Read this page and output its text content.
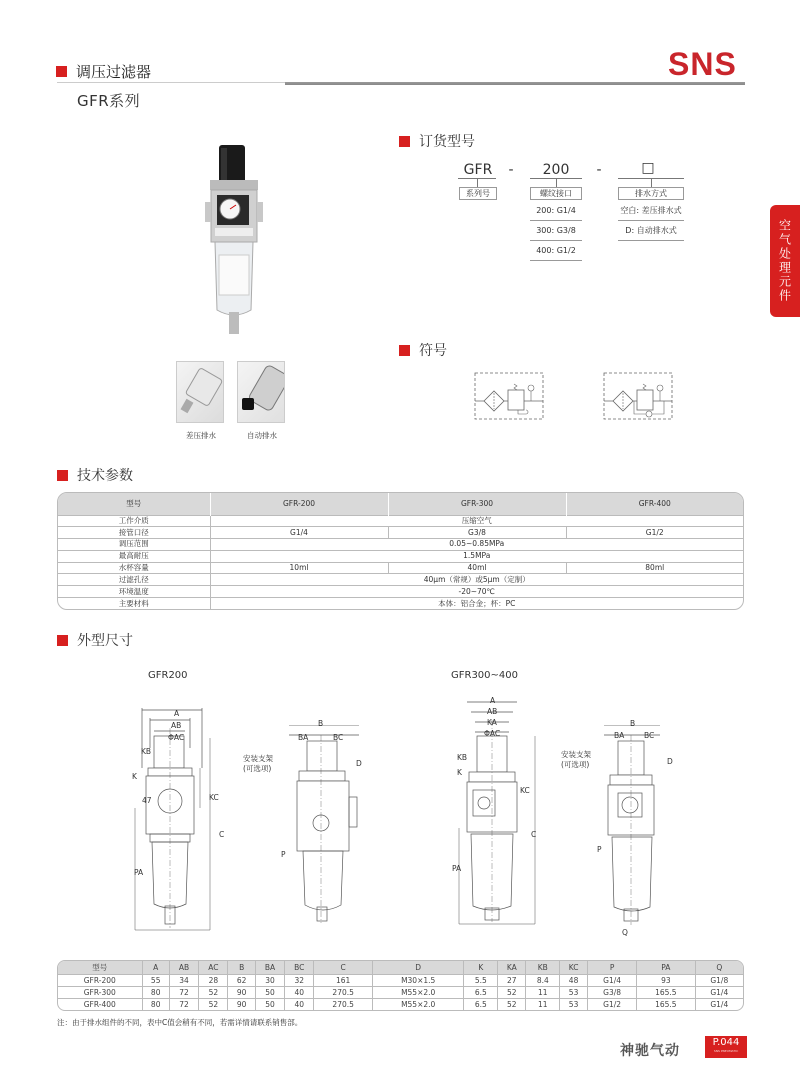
调压过滤器
GFR系列
SNS
空气处理元件
差压排水	自动排水
订货型号
GFR	-	200	-	□
系列号	螺纹接口	排水方式
200: G1/4
300: G3/8
400: G1/2
空白: 差压排水式
D: 自动排水式
符号
技术参数
型号	GFR-200	GFR-300	GFR-400
工作介质	压缩空气		
接管口径	G1/4	G3/8	G1/2
调压范围	0.05~0.85MPa		
最高耐压	1.5MPa		
水杯容量	10ml	40ml	80ml
过滤孔径	40μm（常规）或5μm（定制）		
环境温度	-20~70℃		
主要材料	本体：铝合金；杯：PC		
外型尺寸
GFR200	GFR300~400
A
AB
ΦAC
KB
K
47	KC
C
PA
B
BA	BC
D
P
安装支架
(可选项)
A
AB
KA
ΦAC
KB
K
KC
C
PA
B
BA	BC
D
P
Q
安装支架
(可选项)
型号	A	AB	AC	B	BA	BC	C	D	K	KA	KB	KC	P	PA	Q
GFR-200	55	34	28	62	30	32	161	M30×1.5	5.5	27	8.4	48	G1/4	93	G1/8
GFR-300	80	72	52	90	50	40	270.5	M55×2.0	6.5	52	11	53	G3/8	165.5	G1/4
GFR-400	80	72	52	90	50	40	270.5	M55×2.0	6.5	52	11	53	G1/2	165.5	G1/4
注：由于排水组件的不同，表中C值会稍有不同，若需详情请联系销售部。
神驰气动
P.044
SNS PNEUMATIC
